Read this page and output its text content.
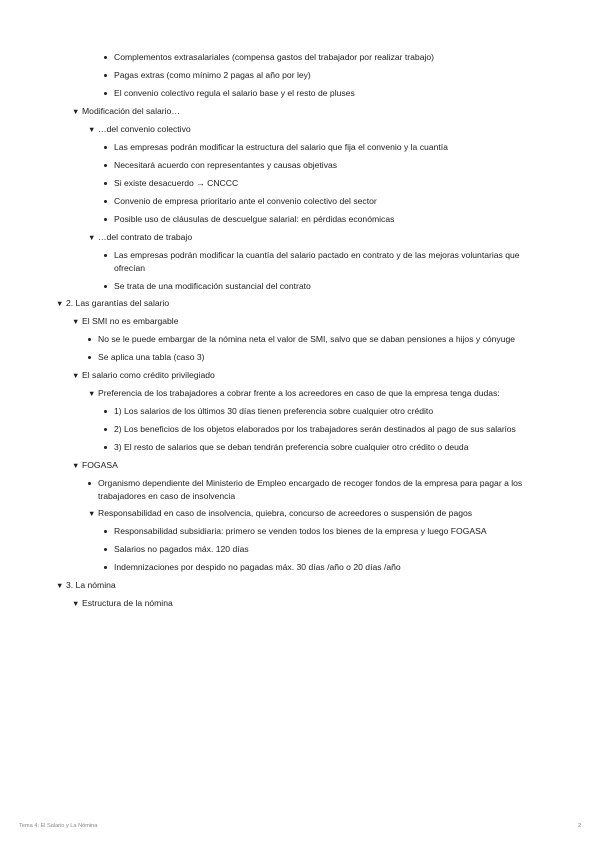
Complementos extrasalariales (compensa gastos del trabajador por realizar trabajo)
Pagas extras (como mínimo 2 pagas al año por ley)
El convenio colectivo regula el salario base y el resto de pluses
▼ Modificación del salario…
▼ …del convenio colectivo
Las empresas podrán modificar la estructura del salario que fija el convenio y la cuantía
Necesitará acuerdo con representantes y causas objetivas
Si existe desacuerdo → CNCCC
Convenio de empresa prioritario ante el convenio colectivo del sector
Posible uso de cláusulas de descuelgue salarial: en pérdidas económicas
▼ …del contrato de trabajo
Las empresas podrán modificar la cuantía del salario pactado en contrato y de las mejoras voluntarias que
ofrecían
Se trata de una modificación sustancial del contrato
▼ 2. Las garantías del salario
▼ El SMI no es embargable
No se le puede embargar de la nómina neta el valor de SMI, salvo que se daban pensiones a hijos y cónyuge
Se aplica una tabla (caso 3)
▼ El salario como crédito privilegiado
▼ Preferencia de los trabajadores a cobrar frente a los acreedores en caso de que la empresa tenga dudas:
1) Los salarios de los últimos 30 días tienen preferencia sobre cualquier otro crédito
2) Los beneficios de los objetos elaborados por los trabajadores serán destinados al pago de sus salarios
3) El resto de salarios que se deban tendrán preferencia sobre cualquier otro crédito o deuda
▼ FOGASA
Organismo dependiente del Ministerio de Empleo encargado de recoger fondos de la empresa para pagar a los
trabajadores en caso de insolvencia
▼ Responsabilidad en caso de insolvencia, quiebra, concurso de acreedores o suspensión de pagos
Responsabilidad subsidiaria: primero se venden todos los bienes de la empresa y luego FOGASA
Salarios no pagados máx. 120 días
Indemnizaciones por despido no pagadas máx. 30 días /año o 20 días /año
▼ 3. La nómina
▼ Estructura de la nómina
Tema 4: El Salario y La Nómina	2
